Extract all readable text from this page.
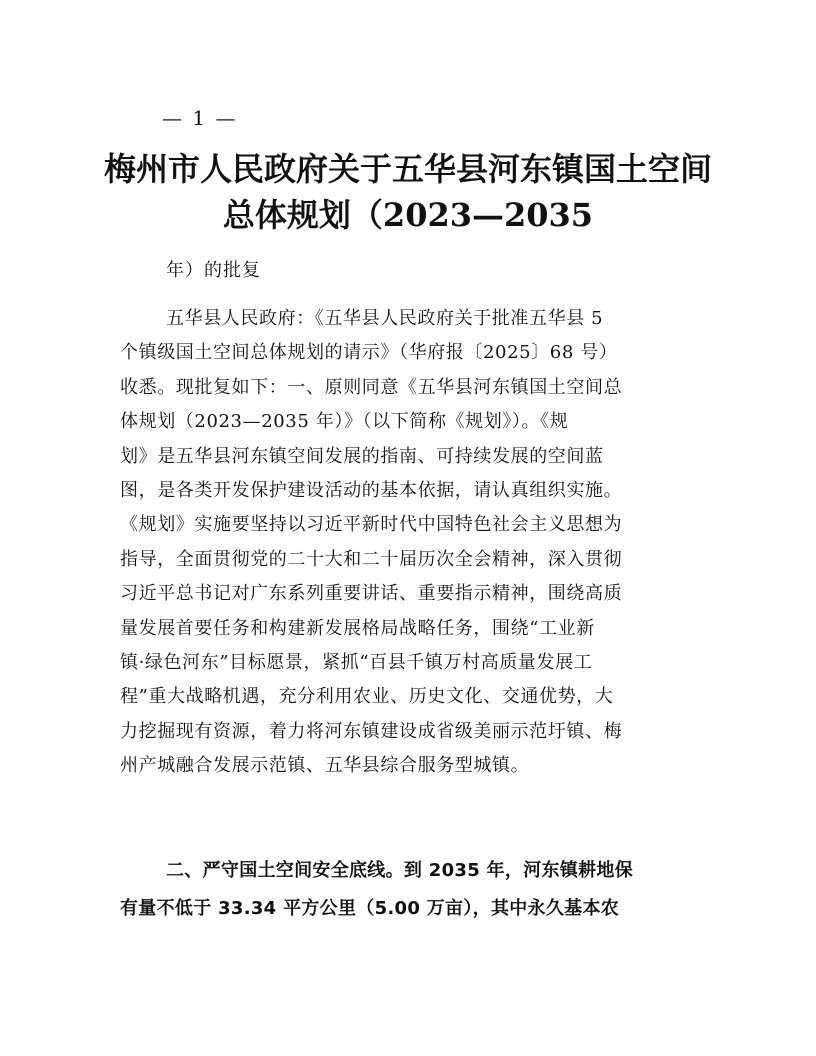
— 1 —
梅州市人民政府关于五华县河东镇国土空间
总体规划（2023—2035
年）的批复
五华县人民政府：《五华县人民政府关于批准五华县 5
个镇级国土空间总体规划的请示》（华府报〔2025〕68 号）
收悉。现批复如下：一、原则同意《五华县河东镇国土空间总
体规划（2023—2035 年）》（以下简称《规划》）。《规
划》是五华县河东镇空间发展的指南、可持续发展的空间蓝
图，是各类开发保护建设活动的基本依据，请认真组织实施。
《规划》实施要坚持以习近平新时代中国特色社会主义思想为
指导，全面贯彻党的二十大和二十届历次全会精神，深入贯彻
习近平总书记对广东系列重要讲话、重要指示精神，围绕高质
量发展首要任务和构建新发展格局战略任务，围绕“工业新
镇·绿色河东”目标愿景，紧抓“百县千镇万村高质量发展工
程”重大战略机遇，充分利用农业、历史文化、交通优势，大
力挖掘现有资源，着力将河东镇建设成省级美丽示范圩镇、梅
州产城融合发展示范镇、五华县综合服务型城镇。
二、严守国土空间安全底线。到 2035 年，河东镇耕地保
有量不低于 33.34 平方公里（5.00 万亩），其中永久基本农
